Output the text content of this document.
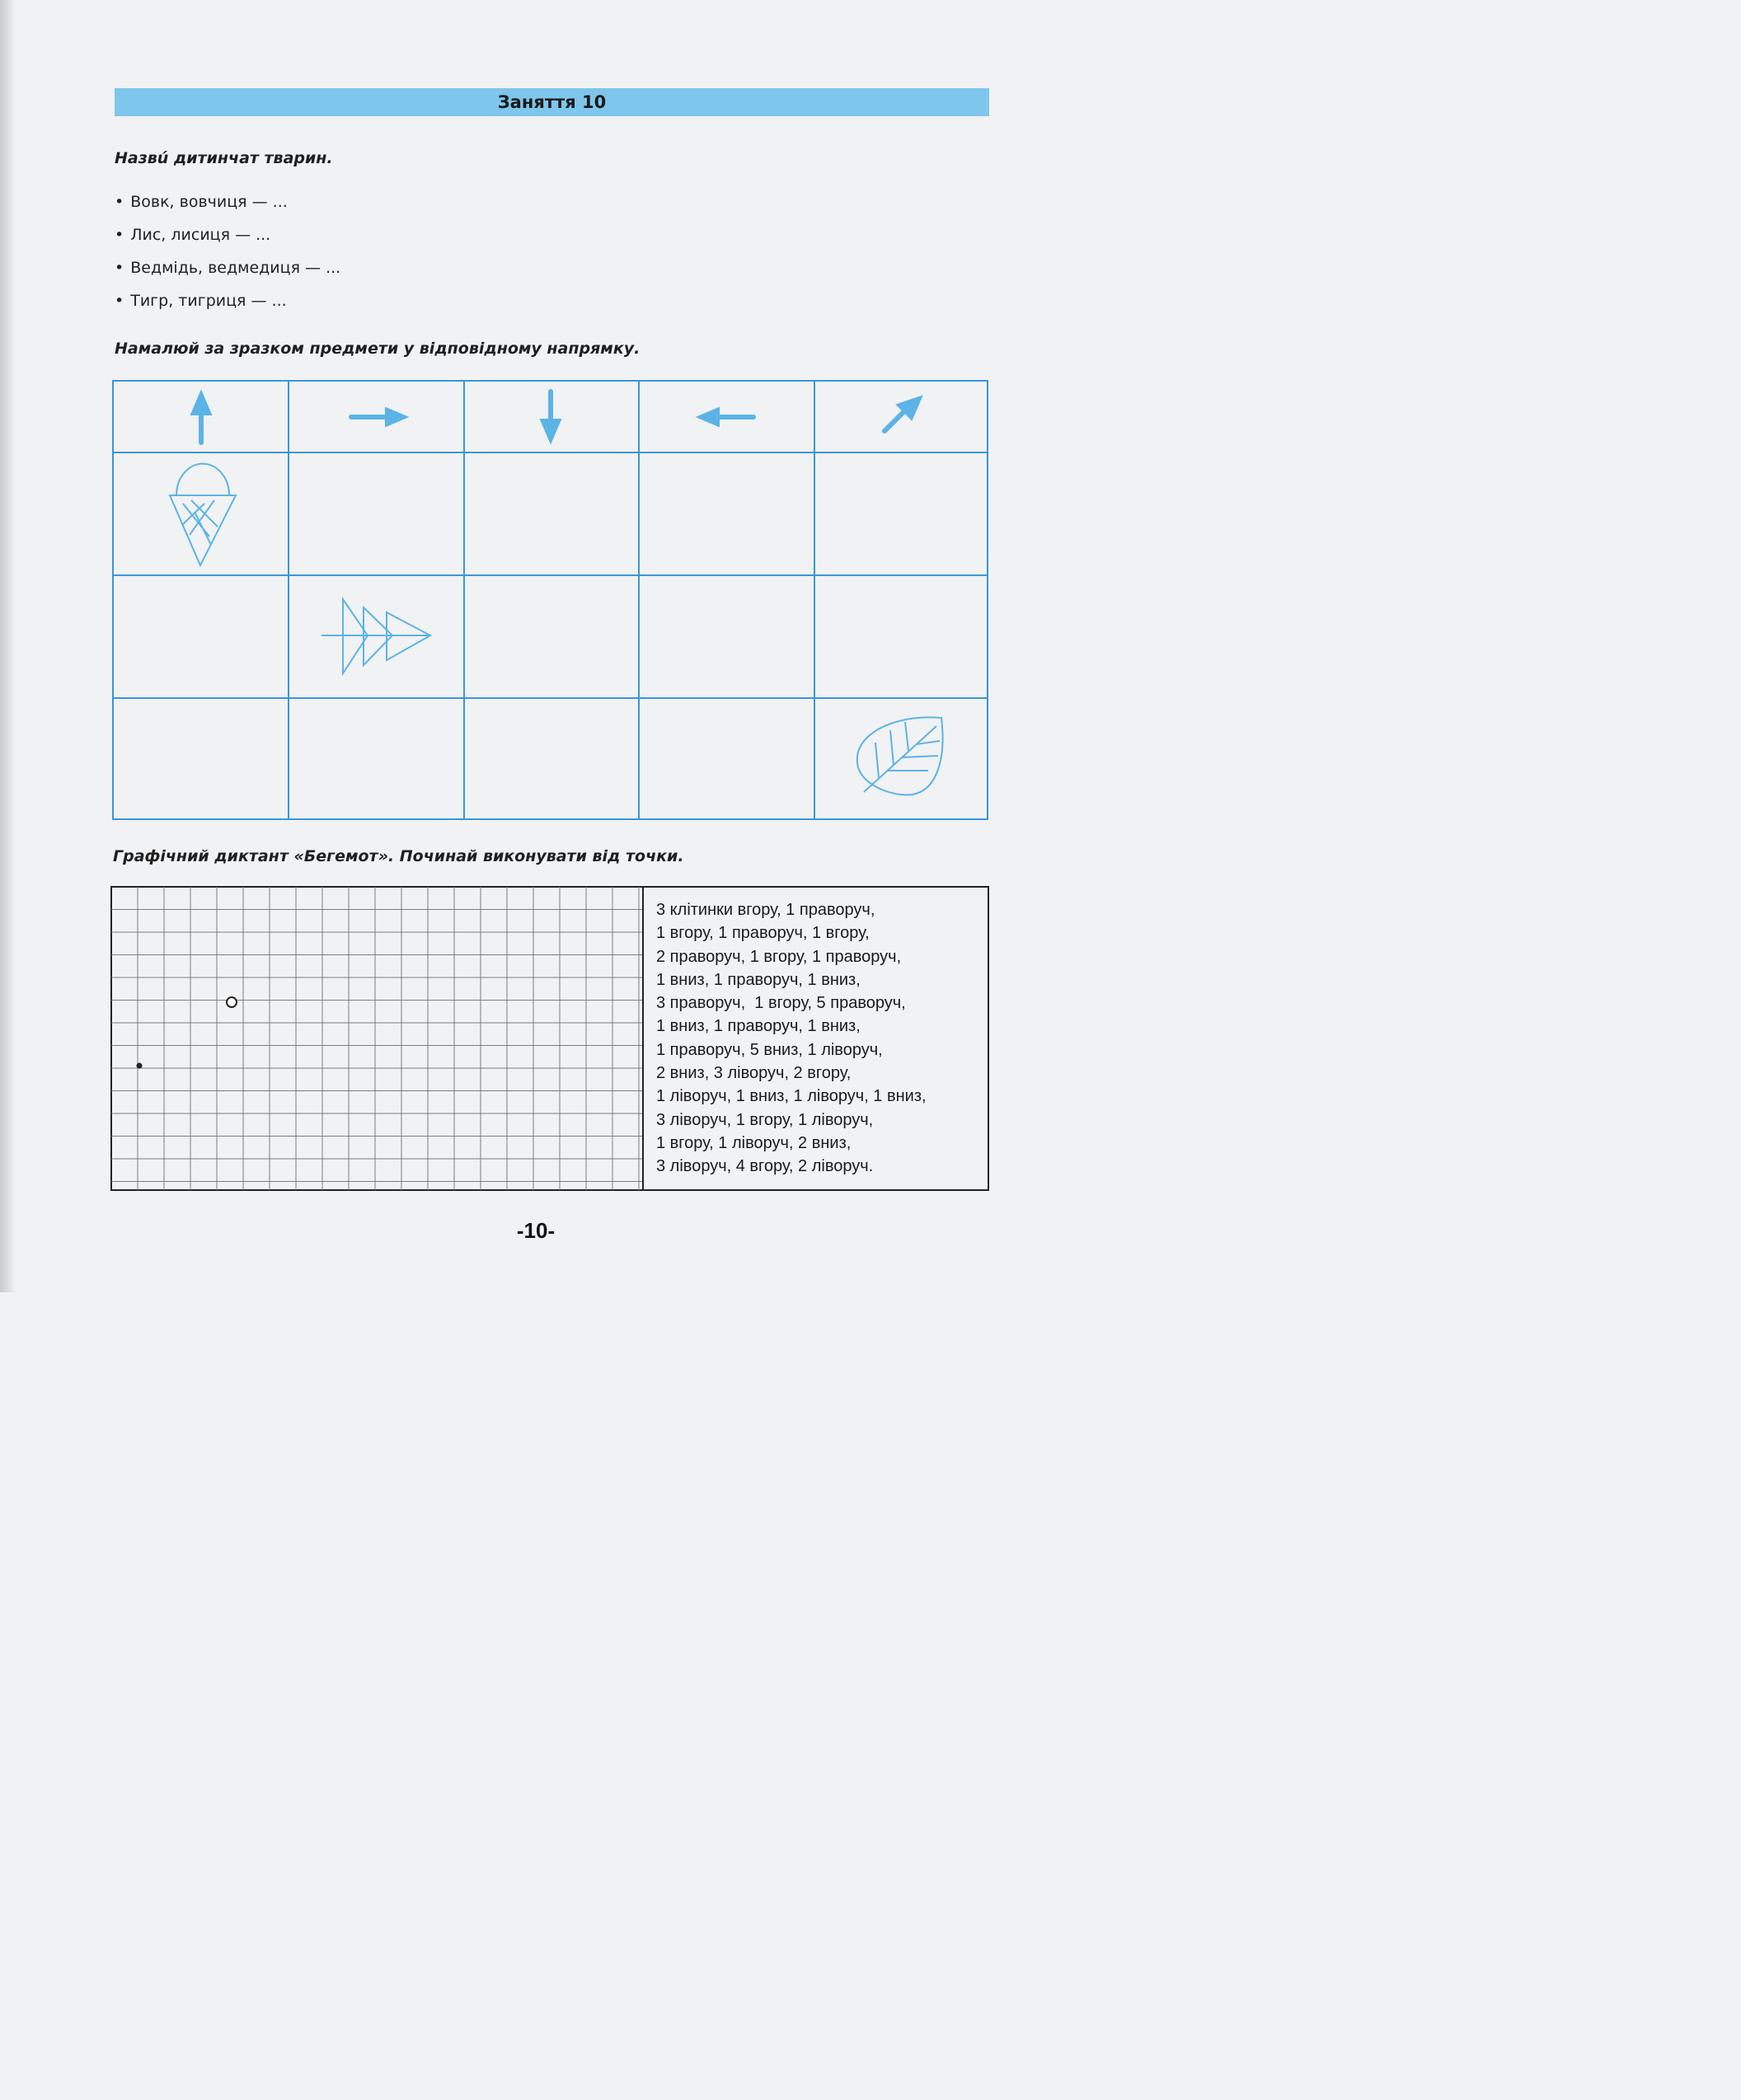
Заняття 10
Назвú дитинчат тварин.
• Вовк, вовчиця — ...
• Лис, лисиця — ...
• Ведмідь, ведмедиця — ...
• Тигр, тигриця — ...
Намалюй за зразком предмети у відповідному напрямку.
Графічний диктант «Бегемот». Починай виконувати від точки.
3 клітинки вгору, 1 праворуч,
1 вгору, 1 праворуч, 1 вгору,
2 праворуч, 1 вгору, 1 праворуч,
1 вниз, 1 праворуч, 1 вниз,
3 праворуч,  1 вгору, 5 праворуч,
1 вниз, 1 праворуч, 1 вниз,
1 праворуч, 5 вниз, 1 ліворуч,
2 вниз, 3 ліворуч, 2 вгору,
1 ліворуч, 1 вниз, 1 ліворуч, 1 вниз,
3 ліворуч, 1 вгору, 1 ліворуч,
1 вгору, 1 ліворуч, 2 вниз,
3 ліворуч, 4 вгору, 2 ліворуч.
-10-
